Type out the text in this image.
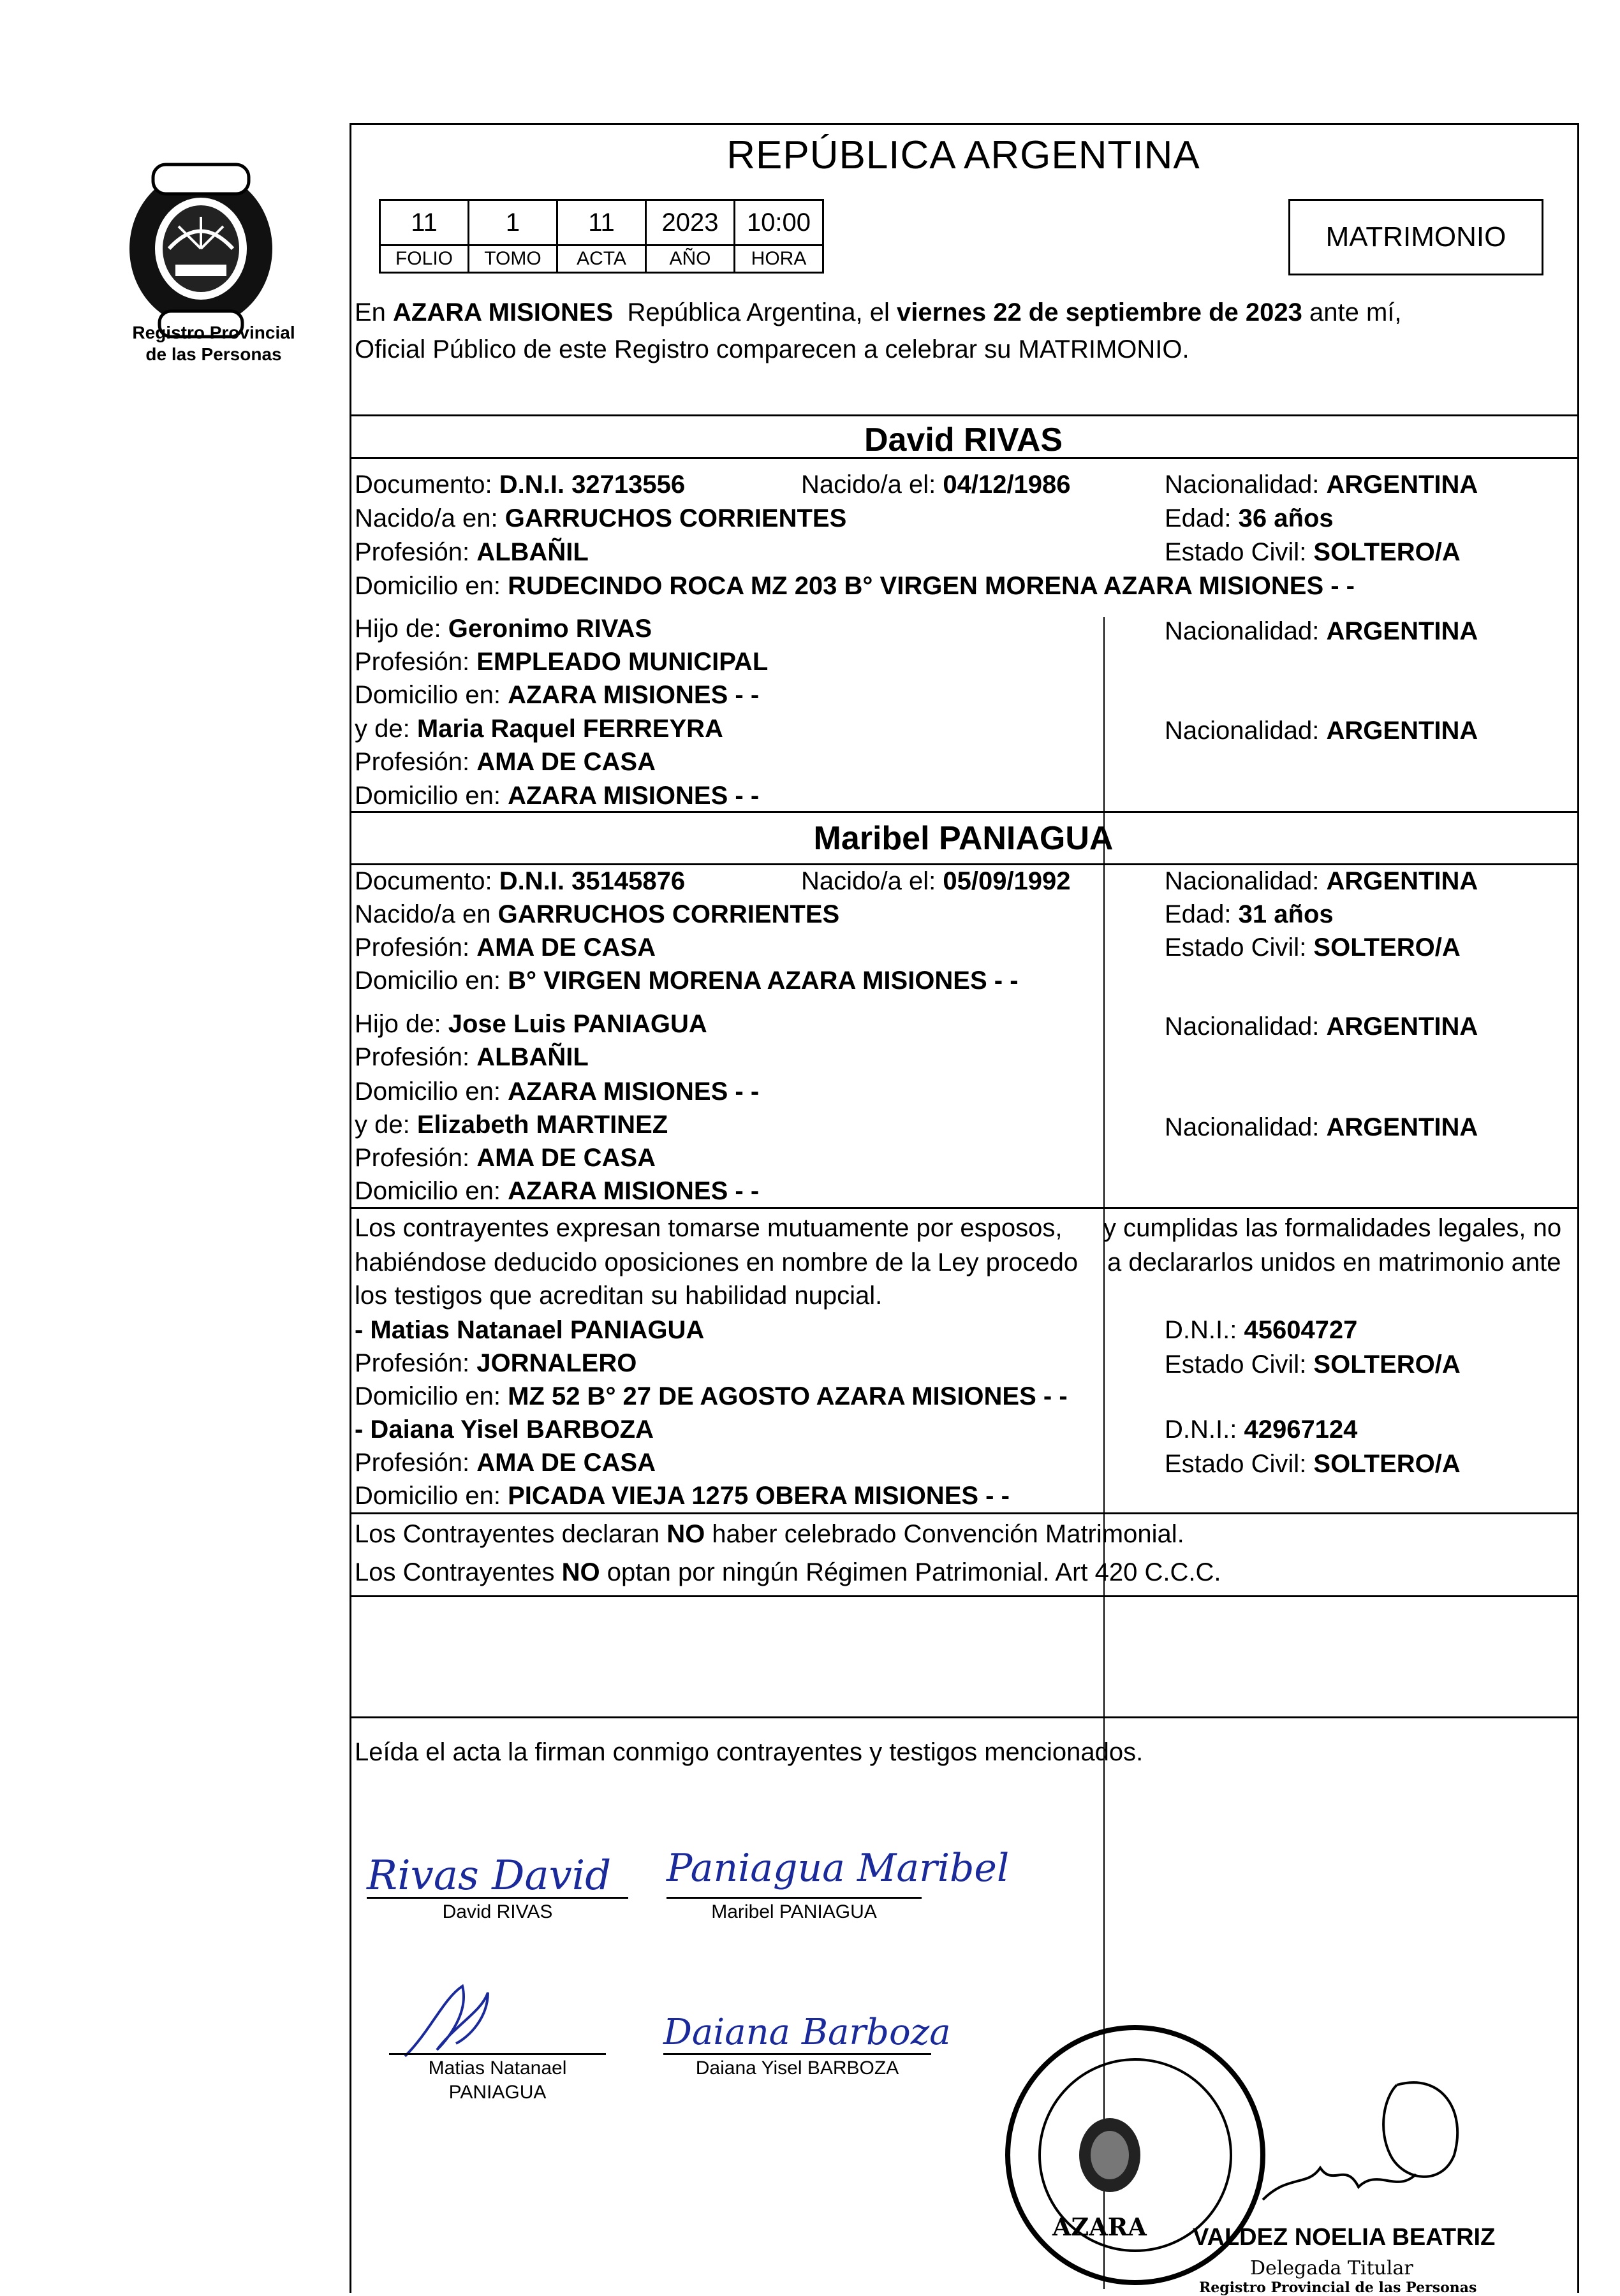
Registro Provincial
de las Personas
REPÚBLICA ARGENTINA
11	1	11	2023	10:00
FOLIO	TOMO	ACTA	AÑO	HORA
MATRIMONIO
En AZARA MISIONES  República Argentina, el viernes 22 de septiembre de 2023 ante mí,
Oficial Público de este Registro comparecen a celebrar su MATRIMONIO.
David RIVAS
Documento: D.N.I. 32713556	Nacido/a el: 04/12/1986	Nacionalidad: ARGENTINA
Nacido/a en: GARRUCHOS CORRIENTES	Edad: 36 años
Profesión: ALBAÑIL	Estado Civil: SOLTERO/A
Domicilio en: RUDECINDO ROCA MZ 203 B° VIRGEN MORENA AZARA MISIONES - -
Hijo de: Geronimo RIVAS	Nacionalidad: ARGENTINA
Profesión: EMPLEADO MUNICIPAL
Domicilio en: AZARA MISIONES - -
y de: Maria Raquel FERREYRA	Nacionalidad: ARGENTINA
Profesión: AMA DE CASA
Domicilio en: AZARA MISIONES - -
Maribel PANIAGUA
Documento: D.N.I. 35145876	Nacido/a el: 05/09/1992	Nacionalidad: ARGENTINA
Nacido/a en GARRUCHOS CORRIENTES	Edad: 31 años
Profesión: AMA DE CASA	Estado Civil: SOLTERO/A
Domicilio en: B° VIRGEN MORENA AZARA MISIONES - -
Hijo de: Jose Luis PANIAGUA	Nacionalidad: ARGENTINA
Profesión: ALBAÑIL
Domicilio en: AZARA MISIONES - -
y de: Elizabeth MARTINEZ	Nacionalidad: ARGENTINA
Profesión: AMA DE CASA
Domicilio en: AZARA MISIONES - -
Los contrayentes expresan tomarse mutuamente por esposos, y cumplidas las formalidades legales, no
habiéndose deducido oposiciones en nombre de la Ley procedo a declararlos unidos en matrimonio ante
los testigos que acreditan su habilidad nupcial.
- Matias Natanael PANIAGUA	D.N.I.: 45604727
Profesión: JORNALERO	Estado Civil: SOLTERO/A
Domicilio en: MZ 52 B° 27 DE AGOSTO AZARA MISIONES - -
- Daiana Yisel BARBOZA	D.N.I.: 42967124
Profesión: AMA DE CASA	Estado Civil: SOLTERO/A
Domicilio en: PICADA VIEJA 1275 OBERA MISIONES - -
Los Contrayentes declaran NO haber celebrado Convención Matrimonial.
Los Contrayentes NO optan por ningún Régimen Patrimonial. Art 420 C.C.C.
Leída el acta la firman conmigo contrayentes y testigos mencionados.
Rivas David
David RIVAS
Paniagua Maribel
Maribel PANIAGUA
Matias Natanael
PANIAGUA
Daiana Barboza
Daiana Yisel BARBOZA
AZARA VALDEZ NOELIA BEATRIZ
Delegada Titular
Registro Provincial de las Personas
